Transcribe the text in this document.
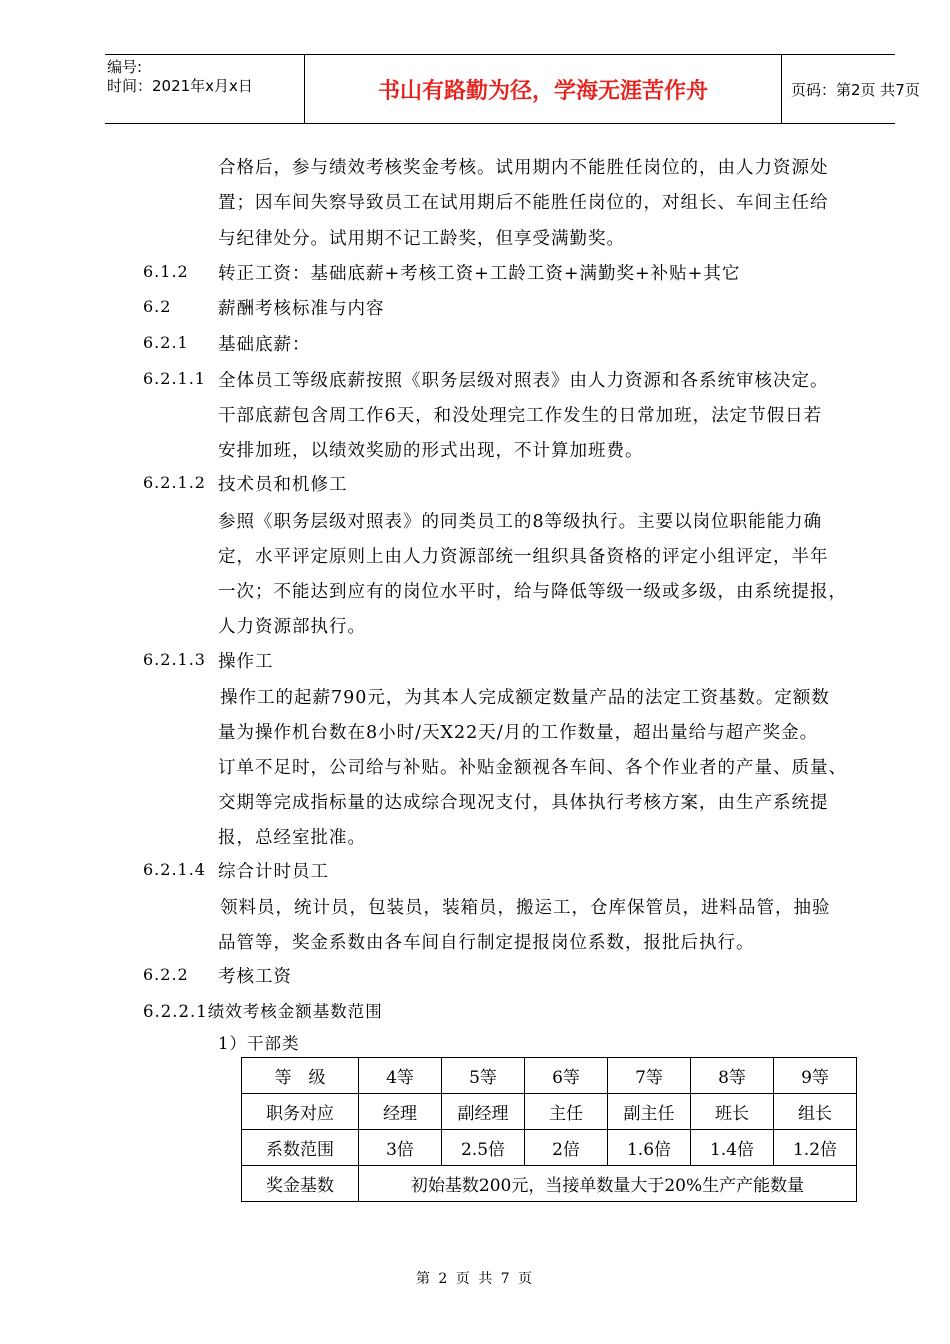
编号:
时间：2021年x月x日	书山有路勤为径，学海无涯苦作舟	页码：第2页 共7页
合格后，参与绩效考核奖金考核。试用期内不能胜任岗位的，由人力资源处
置；因车间失察导致员工在试用期后不能胜任岗位的，对组长、车间主任给
与纪律处分。试用期不记工龄奖，但享受满勤奖。
6.1.2 转正工资：基础底薪+考核工资+工龄工资+满勤奖+补贴+其它
6.2	薪酬考核标准与内容
6.2.1 基础底薪：
6.2.1.1 全体员工等级底薪按照《职务层级对照表》由人力资源和各系统审核决定。
干部底薪包含周工作6天，和没处理完工作发生的日常加班，法定节假日若
安排加班，以绩效奖励的形式出现，不计算加班费。
6.2.1.2 技术员和机修工
参照《职务层级对照表》的同类员工的8等级执行。主要以岗位职能能力确
定，水平评定原则上由人力资源部统一组织具备资格的评定小组评定，半年
一次；不能达到应有的岗位水平时，给与降低等级一级或多级，由系统提报，
人力资源部执行。
6.2.1.3 操作工
操作工的起薪790元，为其本人完成额定数量产品的法定工资基数。定额数
量为操作机台数在8小时/天X22天/月的工作数量，超出量给与超产奖金。
订单不足时，公司给与补贴。补贴金额视各车间、各个作业者的产量、质量、
交期等完成指标量的达成综合现况支付，具体执行考核方案，由生产系统提
报，总经室批准。
6.2.1.4 综合计时员工
领料员，统计员，包装员，装箱员，搬运工，仓库保管员，进料品管，抽验
品管等，奖金系数由各车间自行制定提报岗位系数，报批后执行。
6.2.2 考核工资
6.2.2.1绩效考核金额基数范围
1）干部类
等　级	4等	5等	6等	7等	8等	9等
职务对应	经理	副经理	主任	副主任	班长	组长
系数范围	3倍	2.5倍	2倍	1.6倍	1.4倍	1.2倍
奖金基数	初始基数200元，当接单数量大于20%生产产能数量					
第 2 页 共 7 页
